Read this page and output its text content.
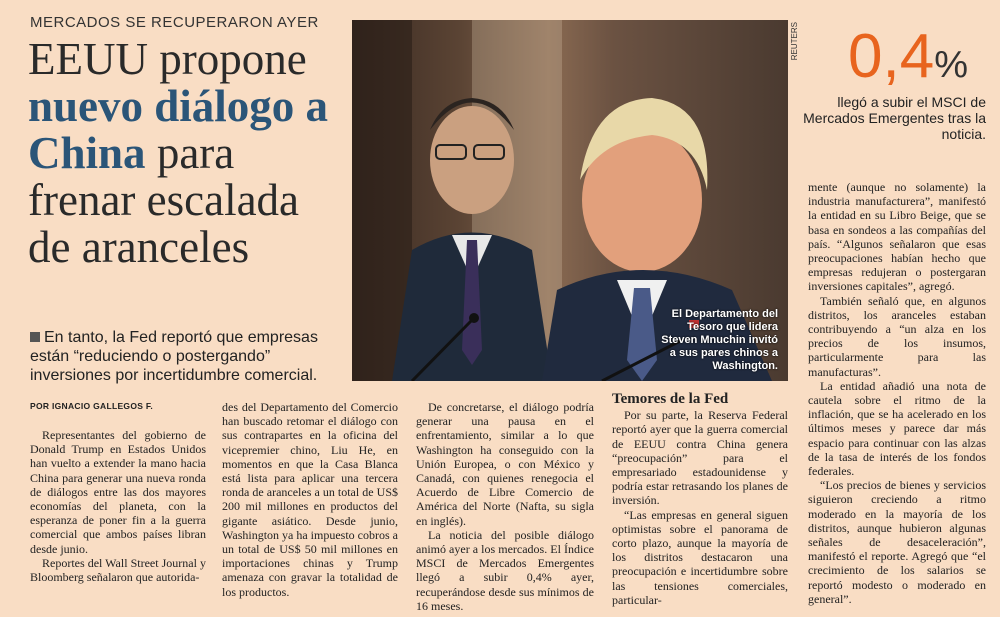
MERCADOS SE RECUPERARON AYER
EEUU propone nuevo diálogo a China para frenar escalada de aranceles
El Departamento del Tesoro que lidera Steven Mnuchin invitó a sus pares chinos a Washington.
REUTERS 0,4%
llegó a subir el MSCI de Mercados Emergentes tras la noticia.
En tanto, la Fed reportó que empresas están “reduciendo o postergando” inversiones por incertidumbre comercial.
POR IGNACIO GALLEGOS F.

Representantes del gobierno de Donald Trump en Estados Unidos han vuelto a extender la mano hacia China para generar una nueva ronda de diálogos entre las dos mayores economías del planeta, con la esperanza de poner fin a la guerra comercial que ambos países libran desde junio.

Reportes del Wall Street Journal y Bloomberg señalaron que autorida-

des del Departamento del Comercio han buscado retomar el diálogo con sus contrapartes en la oficina del vicepremier chino, Liu He, en momentos en que la Casa Blanca está lista para aplicar una tercera ronda de aranceles a un total de US$ 200 mil millones en productos del gigante asiático. Desde junio, Washington ya ha impuesto cobros a un total de US$ 50 mil millones en importaciones chinas y Trump amenaza con gravar la totalidad de los productos.

De concretarse, el diálogo podría generar una pausa en el enfrentamiento, similar a lo que Washington ha conseguido con la Unión Europea, o con México y Canadá, con quienes renegocia el Acuerdo de Libre Comercio de América del Norte (Nafta, su sigla en inglés).

La noticia del posible diálogo animó ayer a los mercados. El Índice MSCI de Mercados Emergentes llegó a subir 0,4% ayer, recuperándose desde sus mínimos de 16 meses.

Temores de la Fed

Por su parte, la Reserva Federal reportó ayer que la guerra comercial de EEUU contra China genera “preocupación” para el empresariado estadounidense y podría estar retrasando los planes de inversión.

“Las empresas en general siguen optimistas sobre el panorama de corto plazo, aunque la mayoría de los distritos destacaron una preocupación e incertidumbre sobre las tensiones comerciales, particular-

mente (aunque no solamente) la industria manufacturera”, manifestó la entidad en su Libro Beige, que se basa en sondeos a las compañías del país. “Algunos señalaron que esas preocupaciones habían hecho que empresas redujeran o postergaran inversiones capitales”, agregó.

También señaló que, en algunos distritos, los aranceles estaban contribuyendo a “un alza en los precios de los insumos, particularmente para las manufacturas”.

La entidad añadió una nota de cautela sobre el ritmo de la inflación, que se ha acelerado en los últimos meses y parece dar más espacio para continuar con las alzas de la tasa de interés de los fondos federales.

“Los precios de bienes y servicios siguieron creciendo a ritmo moderado en la mayoría de los distritos, aunque hubieron algunas señales de desaceleración”, manifestó el reporte. Agregó que “el crecimiento de los salarios se reportó modesto o moderado en general”.
